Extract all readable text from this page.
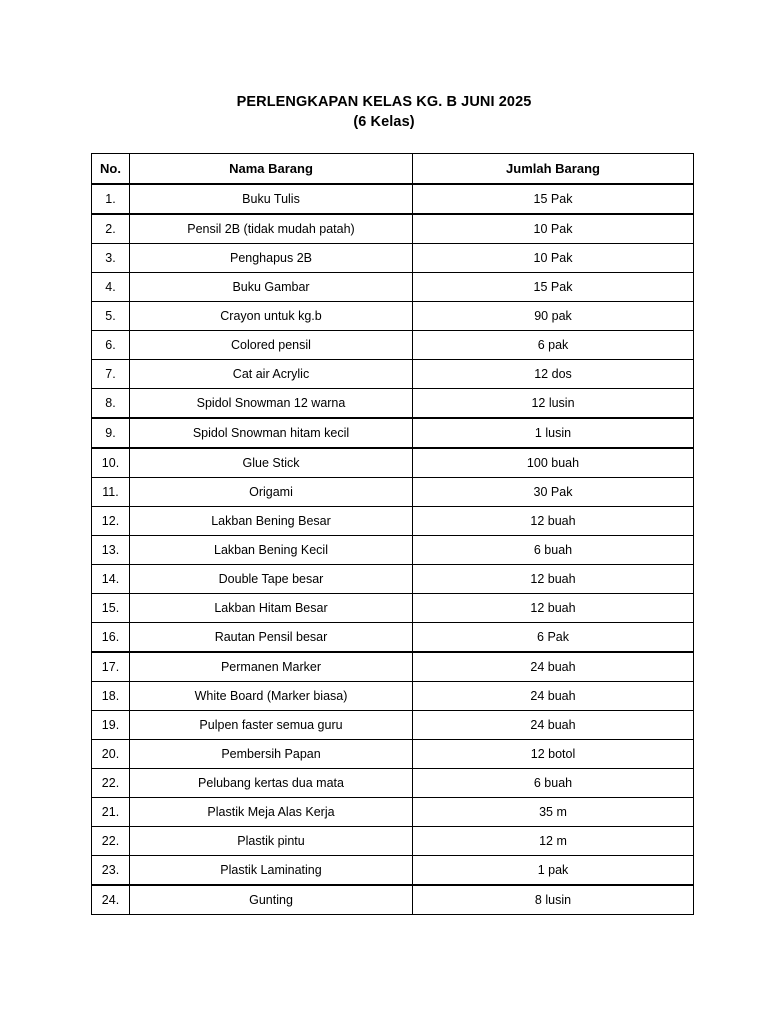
PERLENGKAPAN KELAS KG. B JUNI 2025
(6 Kelas)
No.	Nama Barang	Jumlah Barang
1.	Buku Tulis	15 Pak
2.	Pensil 2B (tidak mudah patah)	10 Pak
3.	Penghapus 2B	10 Pak
4.	Buku Gambar	15 Pak
5.	Crayon untuk kg.b	90 pak
6.	Colored pensil	6 pak
7.	Cat air Acrylic	12 dos
8.	Spidol Snowman 12 warna	12 lusin
9.	Spidol Snowman hitam kecil	1 lusin
10.	Glue Stick	100 buah
11.	Origami	30 Pak
12.	Lakban Bening Besar	12 buah
13.	Lakban Bening Kecil	6 buah
14.	Double Tape besar	12 buah
15.	Lakban Hitam Besar	12 buah
16.	Rautan Pensil besar	6 Pak
17.	Permanen Marker	24 buah
18.	White Board (Marker biasa)	24 buah
19.	Pulpen faster semua guru	24 buah
20.	Pembersih Papan	12 botol
22.	Pelubang kertas dua mata	6 buah
21.	Plastik Meja Alas Kerja	35 m
22.	Plastik pintu	12 m
23.	Plastik Laminating	1 pak
24.	Gunting	8 lusin
